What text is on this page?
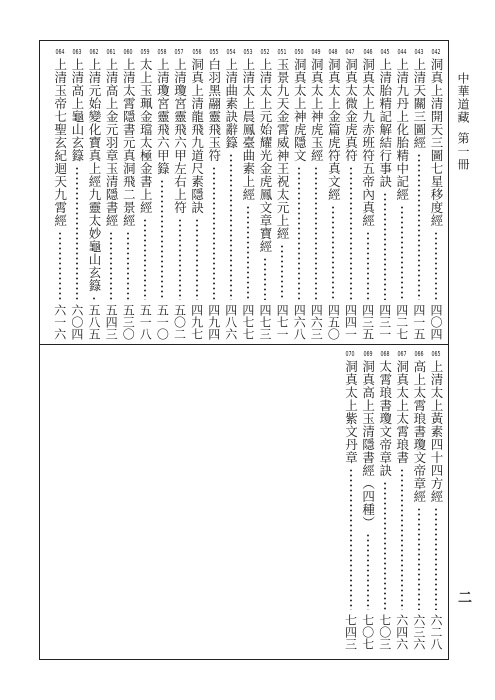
中華道藏
第一冊
二
042
洞真上清開天三圖七星移度經
四〇四
043
上清天關三圖經
四一五
044
上清九丹上化胎精中記經
四二七
045
上清胎精記解結行事訣
四三一
046
洞真太上九赤班符五帝內真經
四三五
047
洞真太微金虎真符
四四一
048
洞真太上金篇虎符真文經
四五〇
049
洞真太上神虎玉經
四六三
050
洞真太上神虎隱文
四六八
051
玉景九天金霄威神王祝太元上經
四七一
052
上清太上元始耀光金虎鳳文章寶經
四七三
053
上清太上晨鳳臺曲素上經
四七七
054
上清曲素訣辭籙
四八六
055
白羽黑翮靈飛玉符
四九四
056
洞真上清龍飛九道尺素隱訣
四九七
057
上清瓊宮靈飛六甲左右上符
五〇二
058
上清瓊宮靈飛六甲籙
五一〇
059
太上玉珮金璫太極金書上經
五一八
060
上清太霄隱書元真洞飛二景經
五三〇
061
上清高上金元羽章玉清隱書經
五四三
062
上清元始變化寶真上經九靈太妙龜山玄籙
五八五
063
上清高上龜山玄籙
六〇四
064
上清玉帝七聖玄紀迴天九霄經
六一六
065
上清太上黃素四十四方經
六二八
066
高上太霄琅書瓊文帝章經
六三六
067
洞真太上太霄琅書
六四六
068
太霄琅書瓊文帝章訣
七〇三
069
洞真高上玉清隱書經（四種）
七〇七
070
洞真太上紫文丹章
七四三
